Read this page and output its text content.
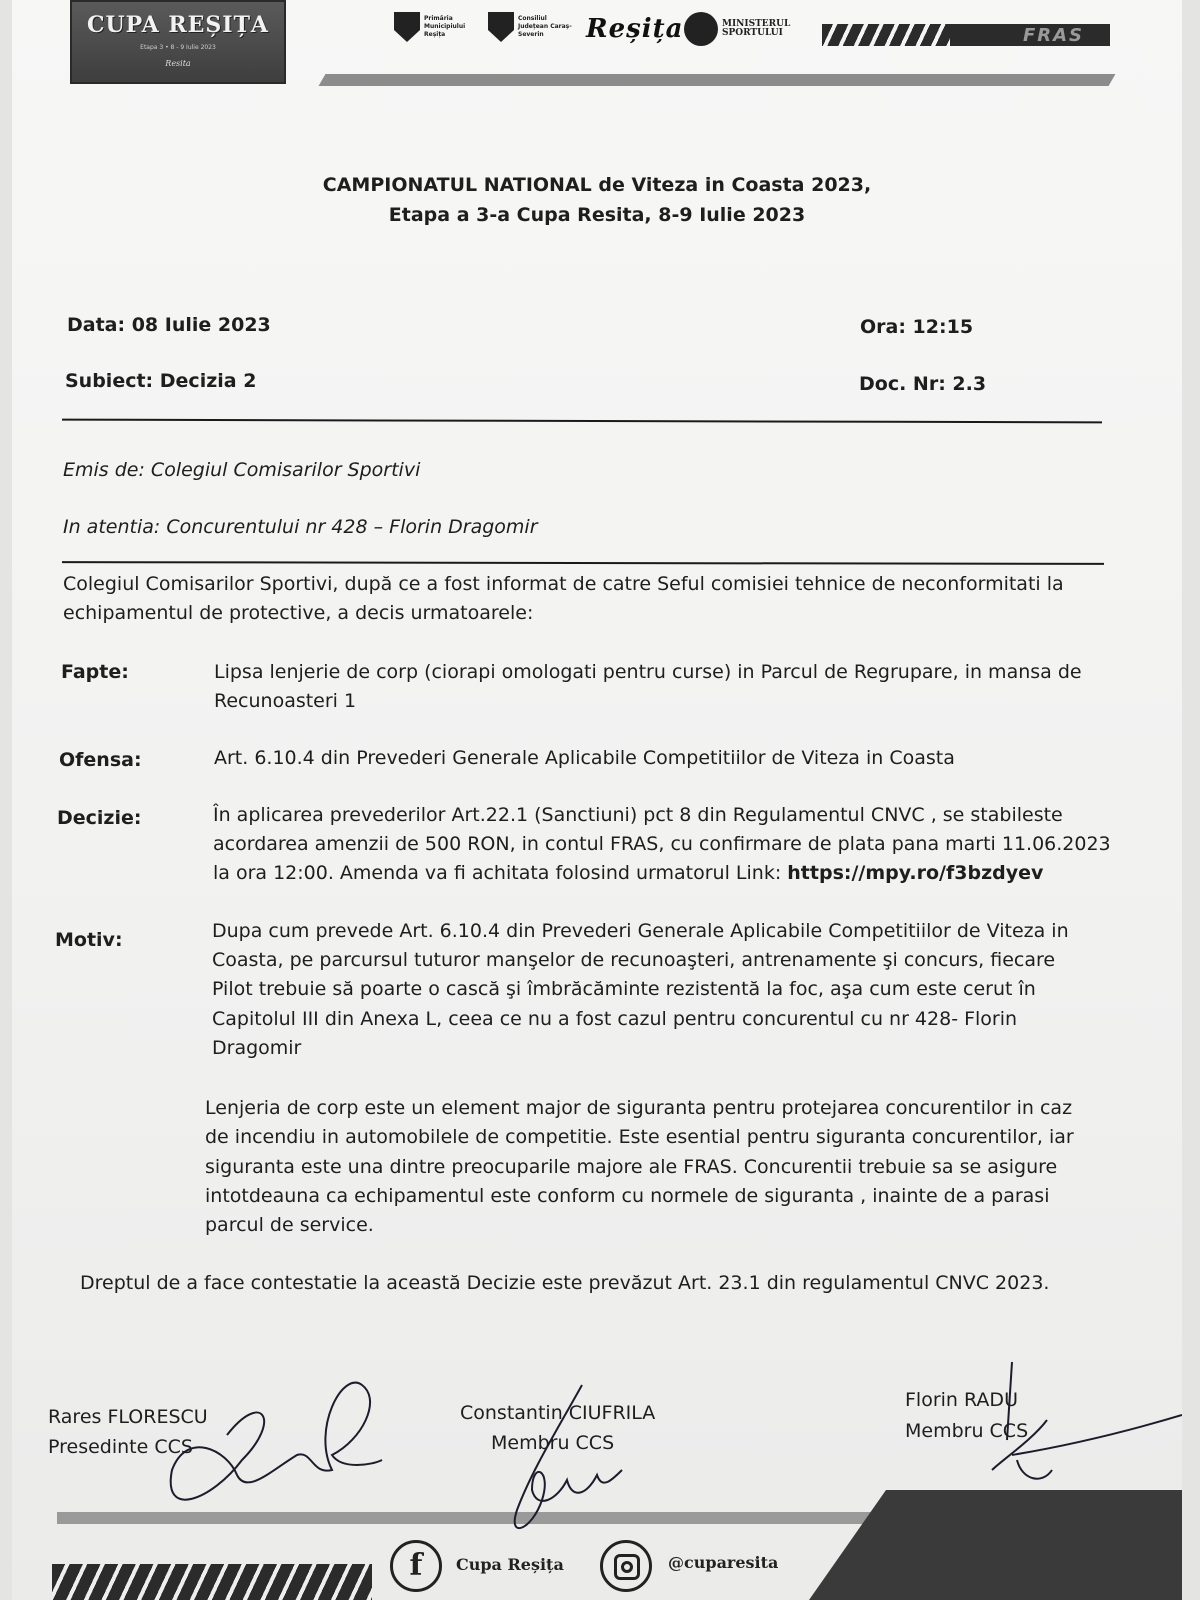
CUPA REȘIȚA
Etapa 3 • 8 - 9 Iulie 2023
Resita
Primăria Municipiului Reșița
Consiliul Județean Caraș-Severin	Reșița	MINISTERUL SPORTULUI	FRAS
CAMPIONATUL NATIONAL de Viteza in Coasta 2023,
Etapa a 3-a Cupa Resita, 8-9 Iulie 2023
Data: 08 Iulie 2023	Ora: 12:15
Subiect: Decizia 2	Doc. Nr: 2.3
Emis de: Colegiul Comisarilor Sportivi
In atentia: Concurentului nr 428 – Florin Dragomir
Colegiul Comisarilor Sportivi, după ce a fost informat de catre Seful comisiei tehnice de neconformitati la
echipamentul de protective, a decis urmatoarele:
Fapte:	Lipsa lenjerie de corp (ciorapi omologati pentru curse) in Parcul de Regrupare, in mansa de
Recunoasteri 1
Ofensa:	Art. 6.10.4 din Prevederi Generale Aplicabile Competitiilor de Viteza in Coasta
Decizie:	În aplicarea prevederilor Art.22.1 (Sanctiuni) pct 8 din Regulamentul CNVC , se stabileste
acordarea amenzii de 500 RON, in contul FRAS, cu confirmare de plata pana marti 11.06.2023
la ora 12:00. Amenda va fi achitata folosind urmatorul Link: https://mpy.ro/f3bzdyev
Motiv:	Dupa cum prevede Art. 6.10.4 din Prevederi Generale Aplicabile Competitiilor de Viteza in
Coasta, pe parcursul tuturor manşelor de recunoaşteri, antrenamente şi concurs, fiecare
Pilot trebuie să poarte o cască şi îmbrăcăminte rezistentă la foc, aşa cum este cerut în
Capitolul III din Anexa L, ceea ce nu a fost cazul pentru concurentul cu nr 428- Florin
Dragomir
Lenjeria de corp este un element major de siguranta pentru protejarea concurentilor in caz
de incendiu in automobilele de competitie. Este esential pentru siguranta concurentilor, iar
siguranta este una dintre preocuparile majore ale FRAS. Concurentii trebuie sa se asigure
intotdeauna ca echipamentul este conform cu normele de siguranta , inainte de a parasi
parcul de service.
Dreptul de a face contestatie la această Decizie este prevăzut Art. 23.1 din regulamentul CNVC 2023.
Rares FLORESCU
Presedinte CCS
Constantin CIUFRILA
Membru CCS
Florin RADU
Membru CCS
f	Cupa Reșița	@cuparesita
